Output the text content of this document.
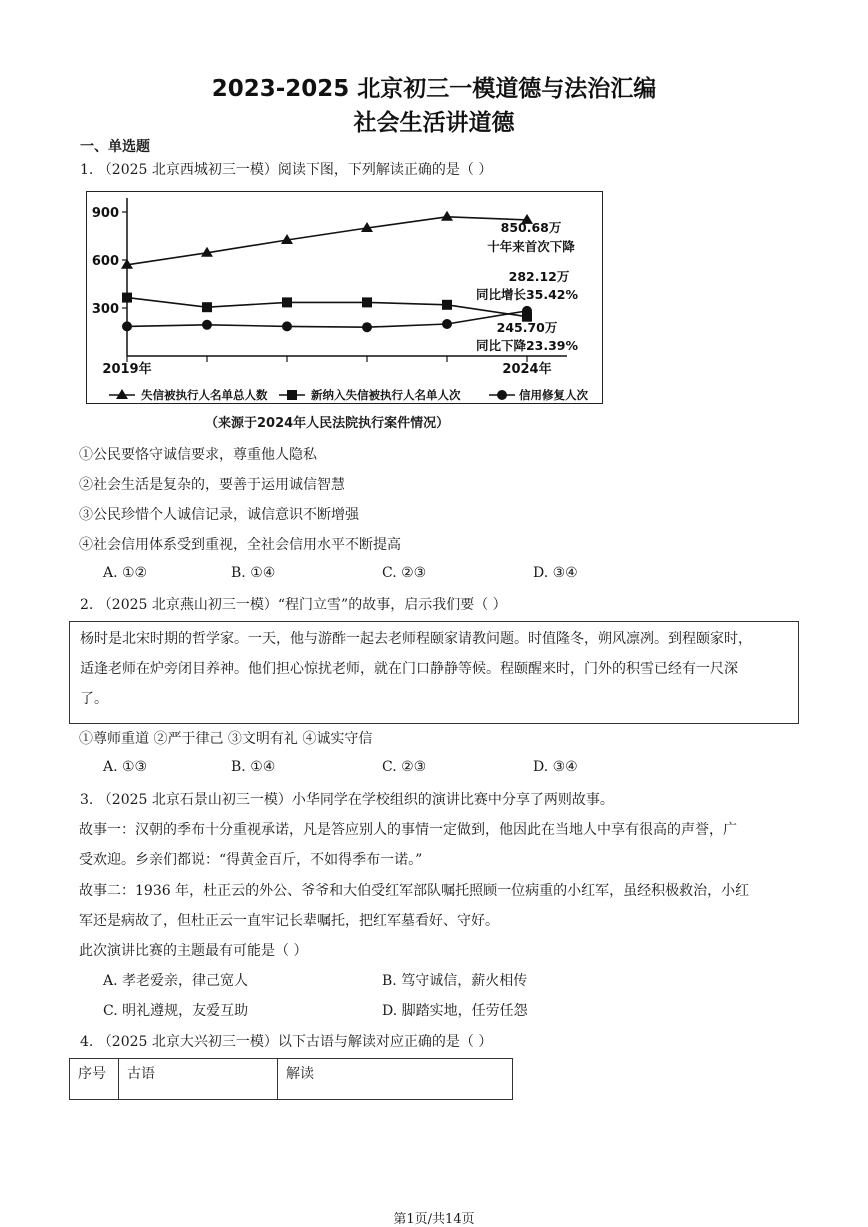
2023-2025 北京初三一模道德与法治汇编
社会生活讲道德
一、单选题
1. （2025 北京西城初三一模）阅读下图，下列解读正确的是（ ）
300
600
900
2019年	2024年
850.68万
十年来首次下降
282.12万
同比增长35.42%
245.70万
同比下降23.39%
失信被执行人名单总人数	新纳入失信被执行人名单人次	信用修复人次
（来源于2024年人民法院执行案件情况）
①公民要恪守诚信要求，尊重他人隐私
②社会生活是复杂的，要善于运用诚信智慧
③公民珍惜个人诚信记录，诚信意识不断增强
④社会信用体系受到重视，全社会信用水平不断提高
A. ①②	B. ①④	C. ②③	D. ③④
2. （2025 北京燕山初三一模）“程门立雪”的故事，启示我们要（ ）

杨时是北宋时期的哲学家。一天，他与游酢一起去老师程颐家请教问题。时值隆冬，朔风凛冽。到程颐家时，

适逢老师在炉旁闭目养神。他们担心惊扰老师，就在门口静静等候。程颐醒来时，门外的积雪已经有一尺深

了。

①尊师重道 ②严于律己 ③文明有礼 ④诚实守信
A. ①③	B. ①④	C. ②③	D. ③④
3. （2025 北京石景山初三一模）小华同学在学校组织的演讲比赛中分享了两则故事。
故事一：汉朝的季布十分重视承诺，凡是答应别人的事情一定做到，他因此在当地人中享有很高的声誉，广
受欢迎。乡亲们都说：“得黄金百斤，不如得季布一诺。”
故事二：1936 年，杜正云的外公、爷爷和大伯受红军部队嘱托照顾一位病重的小红军，虽经积极救治，小红
军还是病故了，但杜正云一直牢记长辈嘱托，把红军墓看好、守好。
此次演讲比赛的主题最有可能是（ ）
A. 孝老爱亲，律己宽人	B. 笃守诚信，薪火相传
C. 明礼遵规，友爱互助	D. 脚踏实地，任劳任怨
4. （2025 北京大兴初三一模）以下古语与解读对应正确的是（ ）
序号	古语	解读
第1页/共14页
